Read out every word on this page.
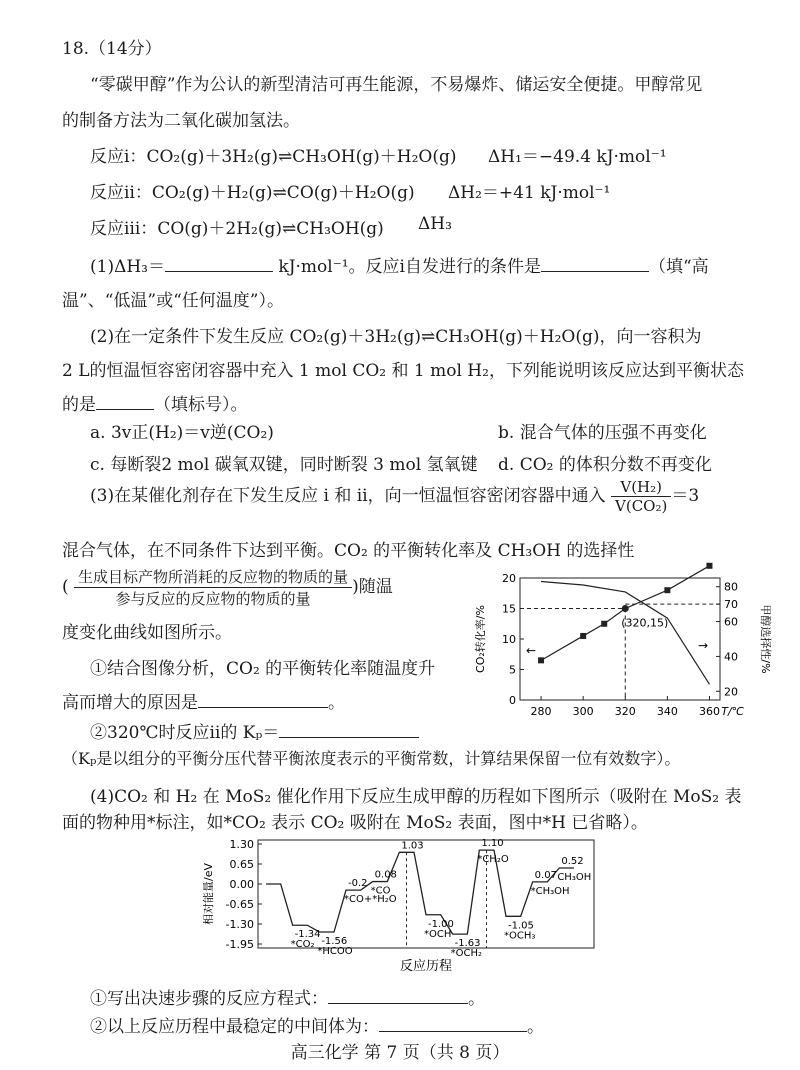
18.（14分）
“零碳甲醇”作为公认的新型清洁可再生能源，不易爆炸、储运安全便捷。甲醇常见
的制备方法为二氧化碳加氢法。
反应ⅰ：CO₂(g)＋3H₂(g)⇌CH₃OH(g)＋H₂O(g) ΔH₁＝−49.4 kJ·mol⁻¹
反应ⅱ：CO₂(g)＋H₂(g)⇌CO(g)＋H₂O(g) ΔH₂＝+41 kJ·mol⁻¹
反应ⅲ：CO(g)＋2H₂(g)⇌CH₃OH(g) ΔH₃
(1)ΔH₃＝	kJ·mol⁻¹。反应ⅰ自发进行的条件是	（填“高
温”、“低温”或“任何温度”）。
(2)在一定条件下发生反应 CO₂(g)＋3H₂(g)⇌CH₃OH(g)＋H₂O(g)，向一容积为
2 L的恒温恒容密闭容器中充入 1 mol CO₂ 和 1 mol H₂，下列能说明该反应达到平衡状态
的是	（填标号）。
a. 3v正(H₂)＝v逆(CO₂)	b. 混合气体的压强不再变化
c. 每断裂2 mol 碳氧双键，同时断裂 3 mol 氢氧键 d. CO₂ 的体积分数不再变化
(3)在某催化剂存在下发生反应 ⅰ 和 ⅱ，向一恒温恒容密闭容器中通入 $\frac{\text{V(H₂)}}{\text{V(CO₂)}} =3$
混合气体，在不同条件下达到平衡。CO₂ 的平衡转化率及 CH₃OH 的选择性
( $\frac{\text{生成目标产物所消耗的反应物的物质的量}}{\text{参与反应的反应物的物质的量}}$ )随温
度变化曲线如图所示。
①结合图像分析，CO₂ 的平衡转化率随温度升
高而增大的原因是	。
②320℃时反应ⅱ的 Kₚ＝
（Kₚ是以组分的平衡分压代替平衡浓度表示的平衡常数，计算结果保留一位有效数字）。
(4)CO₂ 和 H₂ 在 MoS₂ 催化作用下反应生成甲醇的历程如下图所示（吸附在 MoS₂ 表
面的物种用*标注，如*CO₂ 表示 CO₂ 吸附在 MoS₂ 表面，图中*H 已省略）。
①写出决速步骤的反应方程式：	。
②以上反应历程中最稳定的中间体为：	。
高三化学 第 7 页（共 8 页）
280 300 320 340 360
0
5
10
15
20
20
40
60
70
80
T/℃
CO₂转化率/%	甲醇选择性/%
(320,15)
←	→
1.30
0.65
0.00
-0.65
-1.30
-1.95
相对能量/eV
反应历程
-1.34
-1.56
-0.2
0.08
1.03
-1.00
-1.63
1.10
-1.05
0.07
0.52
*CO₂
*HCOO
*CO+*H₂O
*CO
*OCH
*OCH₂
*CH₂O
*OCH₃
*CH₃OH
CH₃OH
